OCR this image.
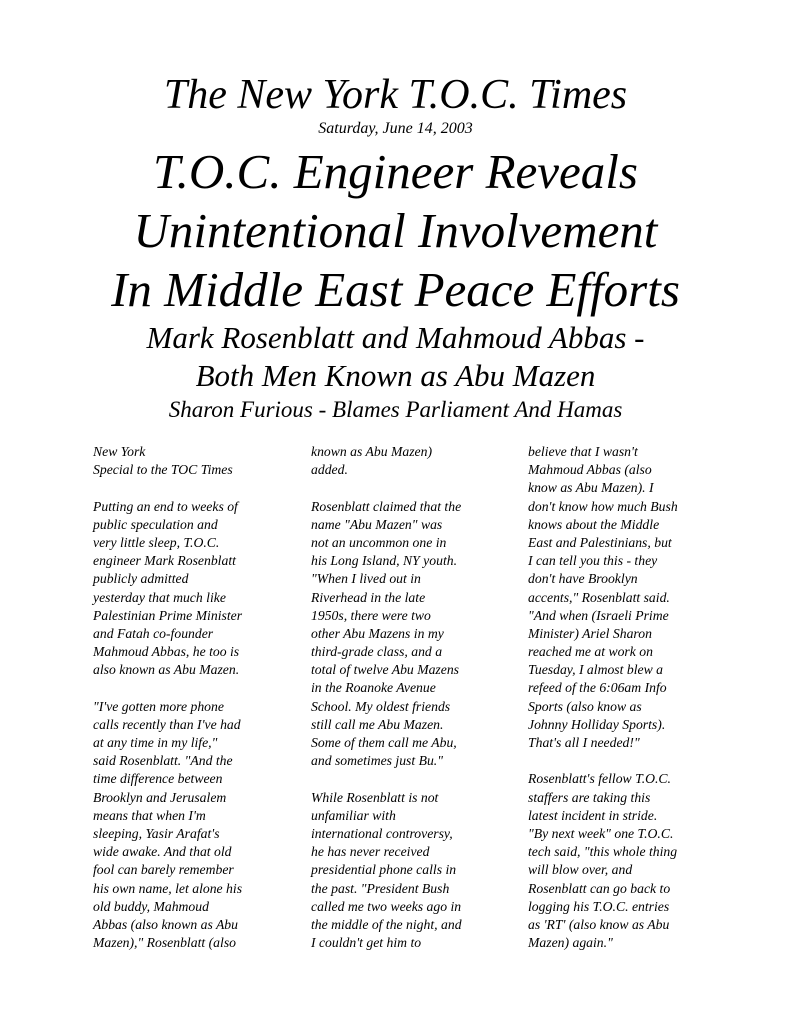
The New York T.O.C. Times
Saturday, June 14, 2003
T.O.C. Engineer Reveals
Unintentional Involvement
In Middle East Peace Efforts
Mark Rosenblatt and Mahmoud Abbas -
Both Men Known as Abu Mazen
Sharon Furious - Blames Parliament And Hamas
New York
Special to the TOC Times
Putting an end to weeks of
public speculation and
very little sleep, T.O.C.
engineer Mark Rosenblatt
publicly admitted
yesterday that much like
Palestinian Prime Minister
and Fatah co-founder
Mahmoud Abbas, he too is
also known as Abu Mazen.
"I've gotten more phone
calls recently than I've had
at any time in my life,"
said Rosenblatt. "And the
time difference between
Brooklyn and Jerusalem
means that when I'm
sleeping, Yasir Arafat's
wide awake. And that old
fool can barely remember
his own name, let alone his
old buddy, Mahmoud
Abbas (also known as Abu
Mazen)," Rosenblatt (also
known as Abu Mazen)
added.
Rosenblatt claimed that the
name "Abu Mazen" was
not an uncommon one in
his Long Island, NY youth.
"When I lived out in
Riverhead in the late
1950s, there were two
other Abu Mazens in my
third-grade class, and a
total of twelve Abu Mazens
in the Roanoke Avenue
School. My oldest friends
still call me Abu Mazen.
Some of them call me Abu,
and sometimes just Bu."
While Rosenblatt is not
unfamiliar with
international controversy,
he has never received
presidential phone calls in
the past. "President Bush
called me two weeks ago in
the middle of the night, and
I couldn't get him to
believe that I wasn't
Mahmoud Abbas (also
know as Abu Mazen). I
don't know how much Bush
knows about the Middle
East and Palestinians, but
I can tell you this - they
don't have Brooklyn
accents," Rosenblatt said.
"And when (Israeli Prime
Minister) Ariel Sharon
reached me at work on
Tuesday, I almost blew a
refeed of the 6:06am Info
Sports (also know as
Johnny Holliday Sports).
That's all I needed!"
Rosenblatt's fellow T.O.C.
staffers are taking this
latest incident in stride.
"By next week" one T.O.C.
tech said, "this whole thing
will blow over, and
Rosenblatt can go back to
logging his T.O.C. entries
as 'RT' (also know as Abu
Mazen) again."
